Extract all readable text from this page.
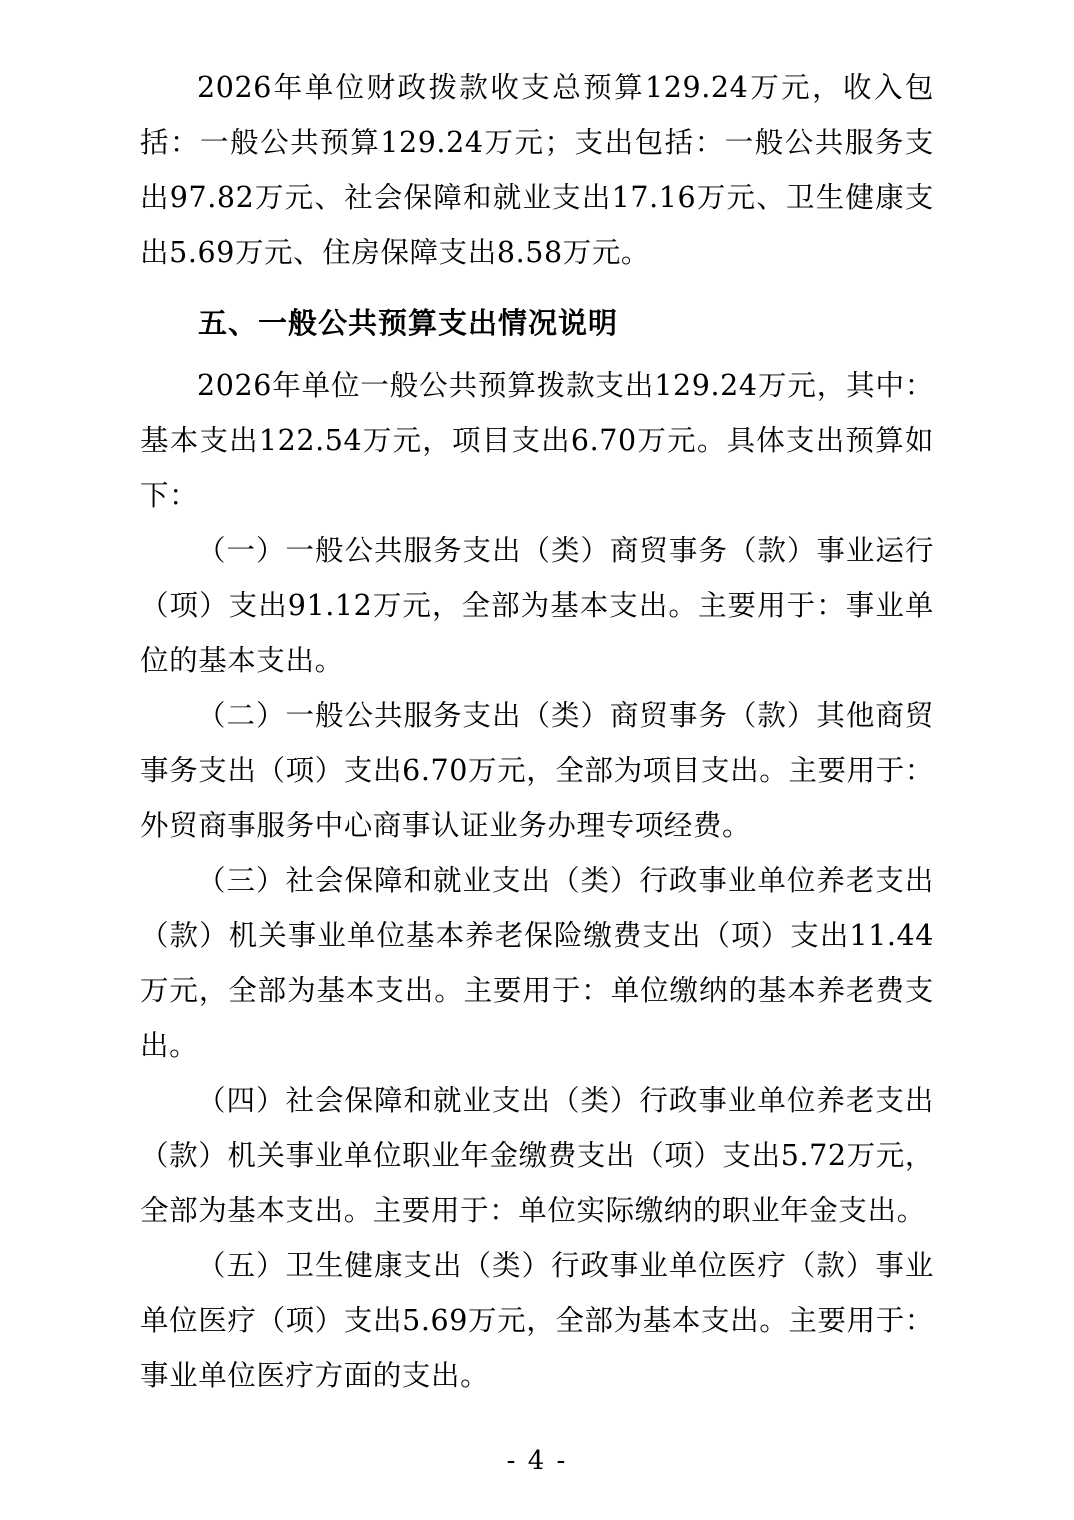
2026年单位财政拨款收支总预算129.24万元，收入包括：一般公共预算129.24万元；支出包括：一般公共服务支出97.82万元、社会保障和就业支出17.16万元、卫生健康支出5.69万元、住房保障支出8.58万元。

五、一般公共预算支出情况说明

2026年单位一般公共预算拨款支出129.24万元，其中：基本支出122.54万元，项目支出6.70万元。具体支出预算如下：

（一）一般公共服务支出（类）商贸事务（款）事业运行（项）支出91.12万元，全部为基本支出。主要用于：事业单位的基本支出。

（二）一般公共服务支出（类）商贸事务（款）其他商贸事务支出（项）支出6.70万元，全部为项目支出。主要用于：外贸商事服务中心商事认证业务办理专项经费。

（三）社会保障和就业支出（类）行政事业单位养老支出（款）机关事业单位基本养老保险缴费支出（项）支出11.44万元，全部为基本支出。主要用于：单位缴纳的基本养老费支出。

（四）社会保障和就业支出（类）行政事业单位养老支出（款）机关事业单位职业年金缴费支出（项）支出5.72万元，全部为基本支出。主要用于：单位实际缴纳的职业年金支出。

（五）卫生健康支出（类）行政事业单位医疗（款）事业单位医疗（项）支出5.69万元，全部为基本支出。主要用于：事业单位医疗方面的支出。

- 4 -
